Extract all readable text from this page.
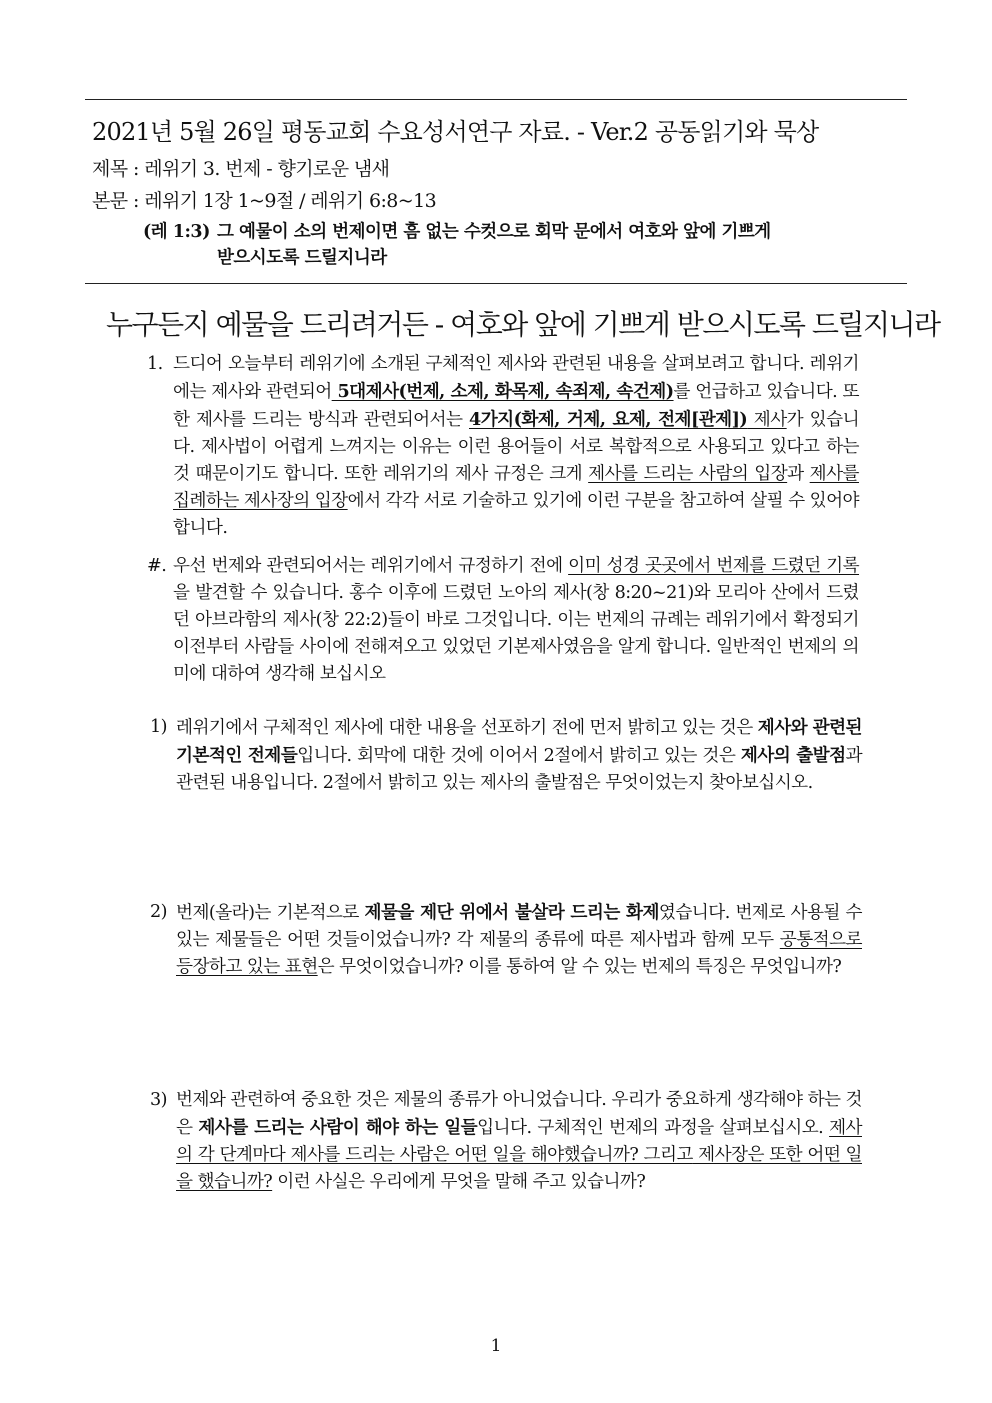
2021년 5월 26일 평동교회 수요성서연구 자료. - Ver.2 공동읽기와 묵상
제목 : 레위기 3. 번제 - 향기로운 냄새
본문 : 레위기 1장 1~9절 / 레위기 6:8~13
(레 1:3) 그 예물이 소의 번제이면 흠 없는 수컷으로 회막 문에서 여호와 앞에 기쁘게
받으시도록 드릴지니라
누구든지 예물을 드리려거든 - 여호와 앞에 기쁘게 받으시도록 드릴지니라
1. 드디어 오늘부터 레위기에 소개된 구체적인 제사와 관련된 내용을 살펴보려고 합니다. 레위기에는 제사와 관련되어 5대제사(번제, 소제, 화목제, 속죄제, 속건제)를 언급하고 있습니다. 또한 제사를 드리는 방식과 관련되어서는 4가지(화제, 거제, 요제, 전제[관제]) 제사가 있습니다. 제사법이 어렵게 느껴지는 이유는 이런 용어들이 서로 복합적으로 사용되고 있다고 하는 것 때문이기도 합니다. 또한 레위기의 제사 규정은 크게 제사를 드리는 사람의 입장과 제사를 집례하는 제사장의 입장에서 각각 서로 기술하고 있기에 이런 구분을 참고하여 살필 수 있어야 합니다.
#. 우선 번제와 관련되어서는 레위기에서 규정하기 전에 이미 성경 곳곳에서 번제를 드렸던 기록을 발견할 수 있습니다. 홍수 이후에 드렸던 노아의 제사(창 8:20~21)와 모리아 산에서 드렸던 아브라함의 제사(창 22:2)들이 바로 그것입니다. 이는 번제의 규례는 레위기에서 확정되기 이전부터 사람들 사이에 전해져오고 있었던 기본제사였음을 알게 합니다. 일반적인 번제의 의미에 대하여 생각해 보십시오
1) 레위기에서 구체적인 제사에 대한 내용을 선포하기 전에 먼저 밝히고 있는 것은 제사와 관련된 기본적인 전제들입니다. 회막에 대한 것에 이어서 2절에서 밝히고 있는 것은 제사의 출발점과 관련된 내용입니다. 2절에서 밝히고 있는 제사의 출발점은 무엇이었는지 찾아보십시오.
2) 번제(올라)는 기본적으로 제물을 제단 위에서 불살라 드리는 화제였습니다. 번제로 사용될 수 있는 제물들은 어떤 것들이었습니까? 각 제물의 종류에 따른 제사법과 함께 모두 공통적으로 등장하고 있는 표현은 무엇이었습니까? 이를 통하여 알 수 있는 번제의 특징은 무엇입니까?
3) 번제와 관련하여 중요한 것은 제물의 종류가 아니었습니다. 우리가 중요하게 생각해야 하는 것은 제사를 드리는 사람이 해야 하는 일들입니다. 구체적인 번제의 과정을 살펴보십시오. 제사의 각 단계마다 제사를 드리는 사람은 어떤 일을 해야했습니까? 그리고 제사장은 또한 어떤 일을 했습니까? 이런 사실은 우리에게 무엇을 말해 주고 있습니까?
1
